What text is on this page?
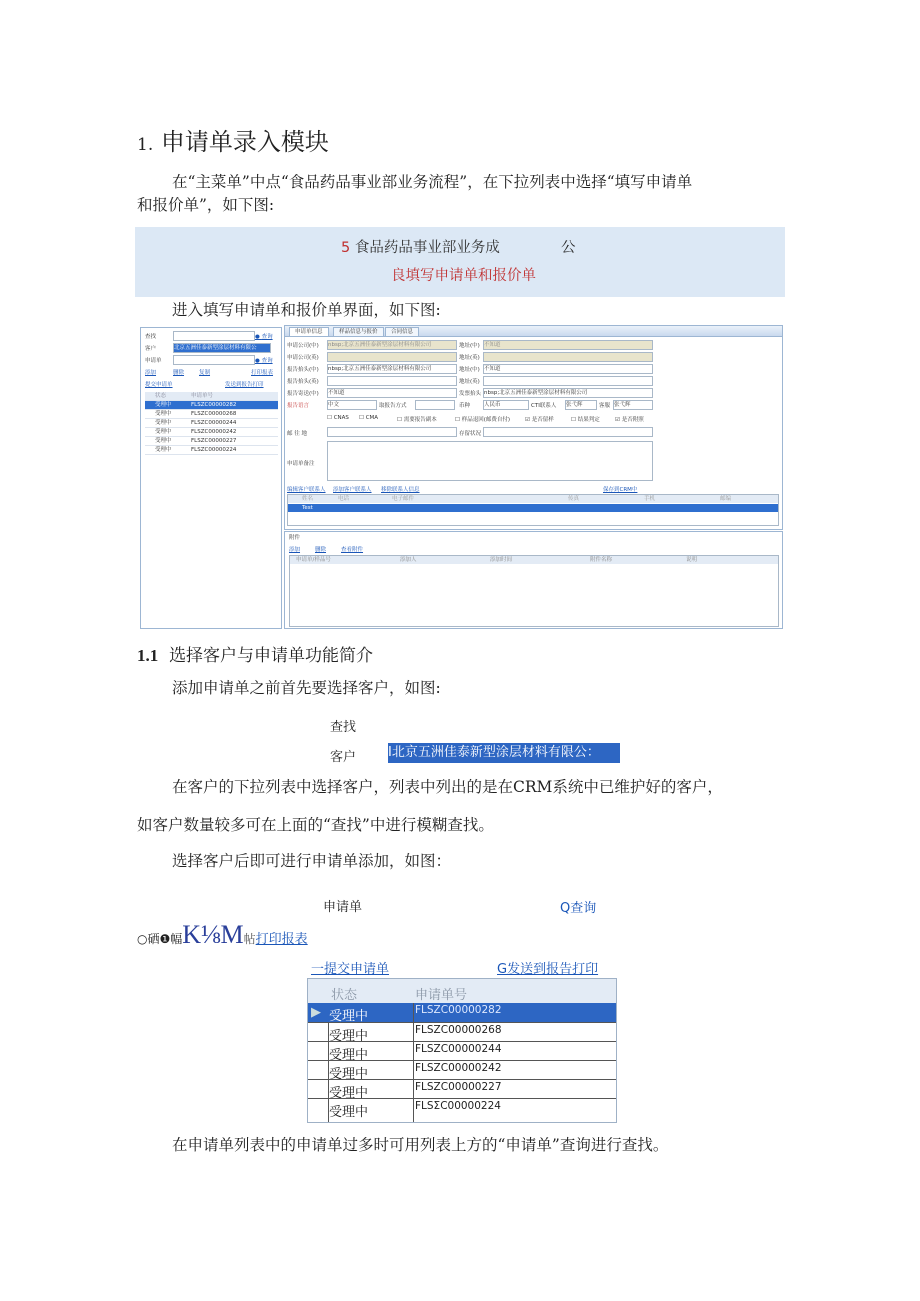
1. 申请单录入模块
在“主菜单”中点“食品药品事业部业务流程”，在下拉列表中选择“填写申请单
和报价单”，如下图:
5 食品药品事业部业务成	公
良填写申请单和报价单
进入填写申请单和报价单界面，如下图:
查找	● 查询
客户	北京五洲佳泰新型涂层材料有限公
申请单	● 查询
添加	删除	复制	打印报表
提交申请单	发送到报告打印
状态	申请单号
受理中	FLSZC00000282
受理中	FLSZC00000268
受理中	FLSZC00000244
受理中	FLSZC00000242
受理中	FLSZC00000227
受理中	FLSZC00000224
申请单信息	样品信息与报价	合同信息
申请公司(中) nbsp;北京五洲佳泰新型涂层材料有限公司	地址(中) 不知道
申请公司(英)	地址(英)
报告抬头(中) nbsp;北京五洲佳泰新型涂层材料有限公司	地址(中) 不知道
报告抬头(英)	地址(英)
报告寄送(中) 不知道	发票抬头 nbsp;北京五洲佳泰新型涂层材料有限公司
报告语言	中文	取报告方式	币种	人民币	CTI联系人 张弋辉	客服 张弋辉
☐ CNAS ☐ CMA	☐ 需要报告副本	☐ 样品退回(邮费自付)	☑ 是否留样	☐ 结果判定	☑ 是否附照
邮 往 地	存留状况
申请单备注
编辑客户联系人 添加客户联系人 移除联系人信息	保存到CRM中
姓名	电话	电子邮件	传真	手机	邮编
Test
附件
添加	删除	查看附件
申请单/样品号	添加人	添加时间	附件名称	说明
1.1 选择客户与申请单功能简介
添加申请单之前首先要选择客户，如图:
查找
客户 I北京五洲佳泰新型涂层材料有限公：
在客户的下拉列表中选择客户，列表中列出的是在CRM系统中已维护好的客户，
如客户数量较多可在上面的“查找”中进行模糊查找。
选择客户后即可进行申请单添加，如图：
申请单	Q查询
○硒❶幅K⅛M帖打印报表
一提交申请单	G发送到报告打印
状态	申请单号
▶ 受理中	FLSZC00000282
受理中	FLSZC00000268
受理中	FLSZC00000244
受理中	FLSZC00000242
受理中	FLSZC00000227
受理中	FLSΣC00000224
在申请单列表中的申请单过多时可用列表上方的“申请单”查询进行查找。
